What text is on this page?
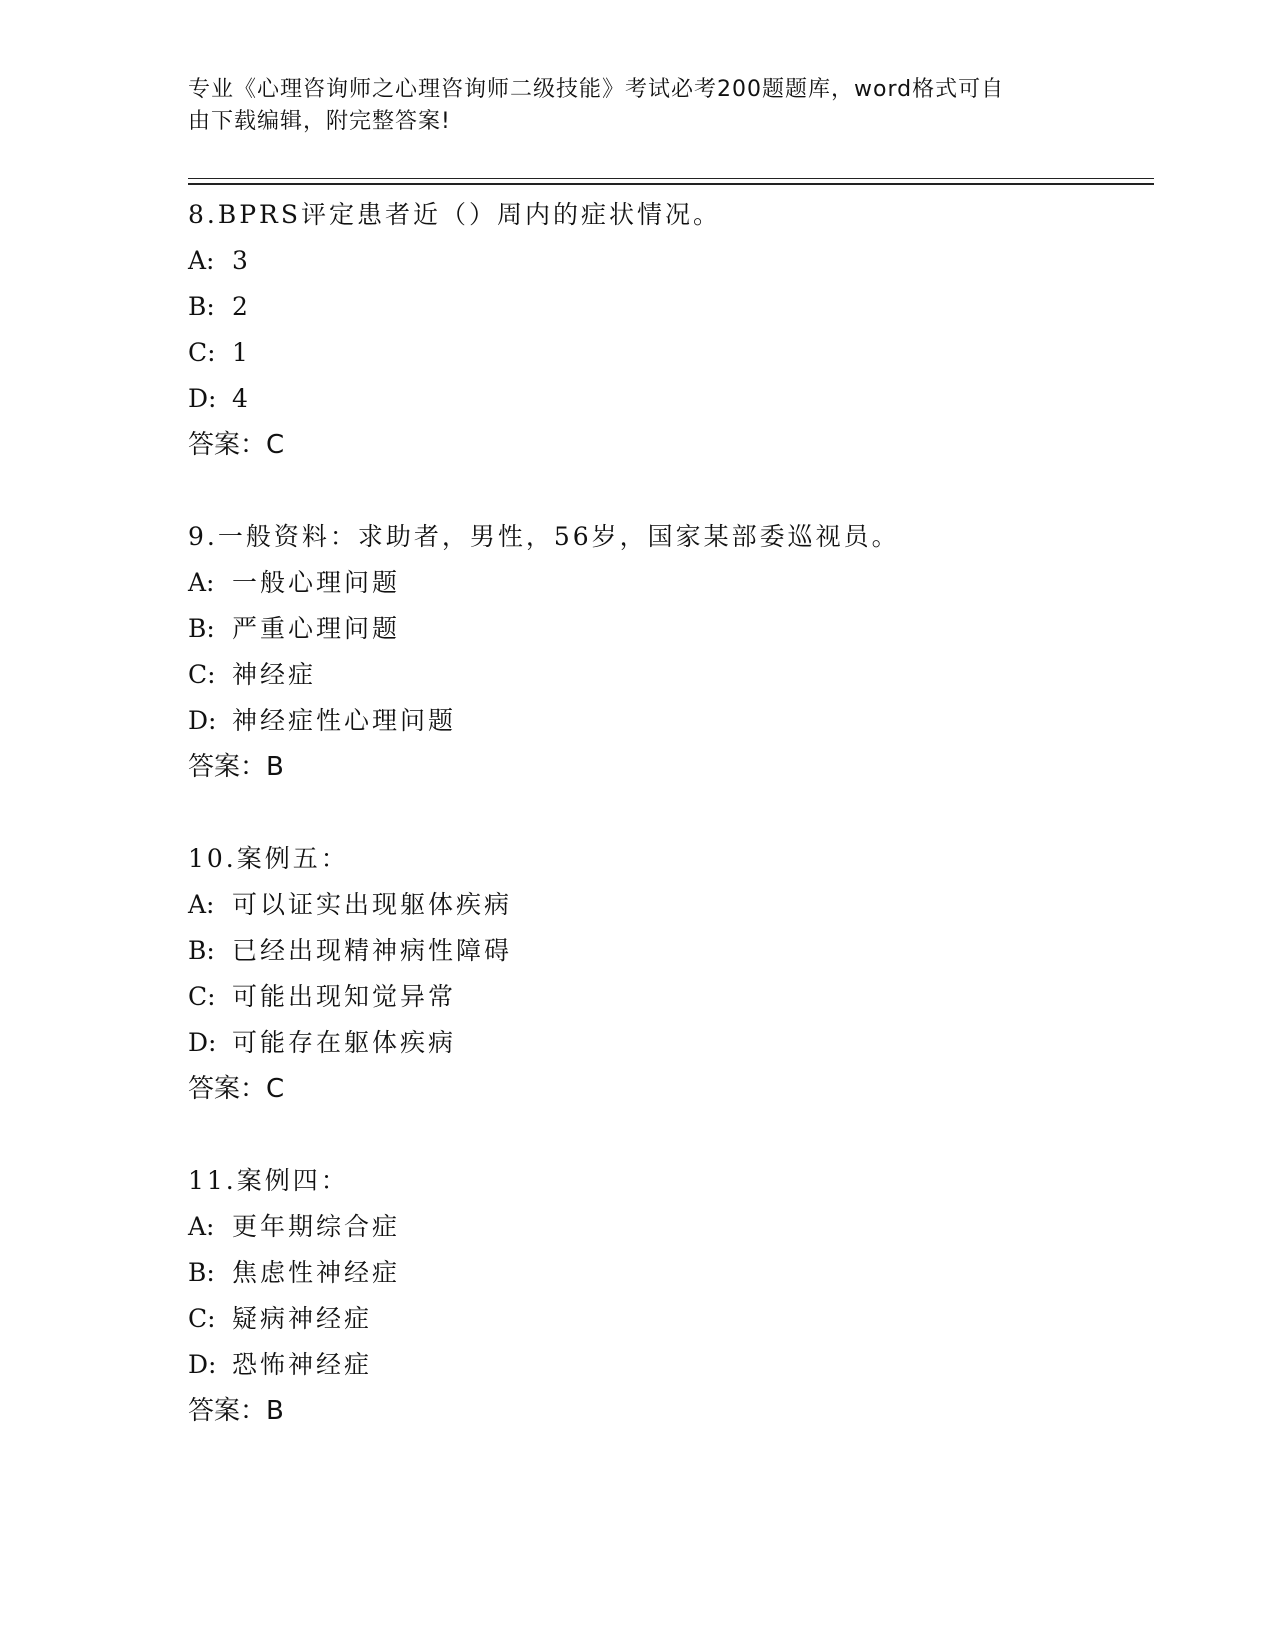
专业《心理咨询师之心理咨询师二级技能》考试必考200题题库，word格式可自
由下载编辑，附完整答案!
8.BPRS评定患者近（）周内的症状情况。
A: 3
B: 2
C: 1
D: 4
答案：C
9.一般资料：求助者，男性，56岁，国家某部委巡视员。
A: 一般心理问题
B: 严重心理问题
C: 神经症
D: 神经症性心理问题
答案：B
10.案例五：
A: 可以证实出现躯体疾病
B: 已经出现精神病性障碍
C: 可能出现知觉异常
D: 可能存在躯体疾病
答案：C
11.案例四：
A: 更年期综合症
B: 焦虑性神经症
C: 疑病神经症
D: 恐怖神经症
答案：B
